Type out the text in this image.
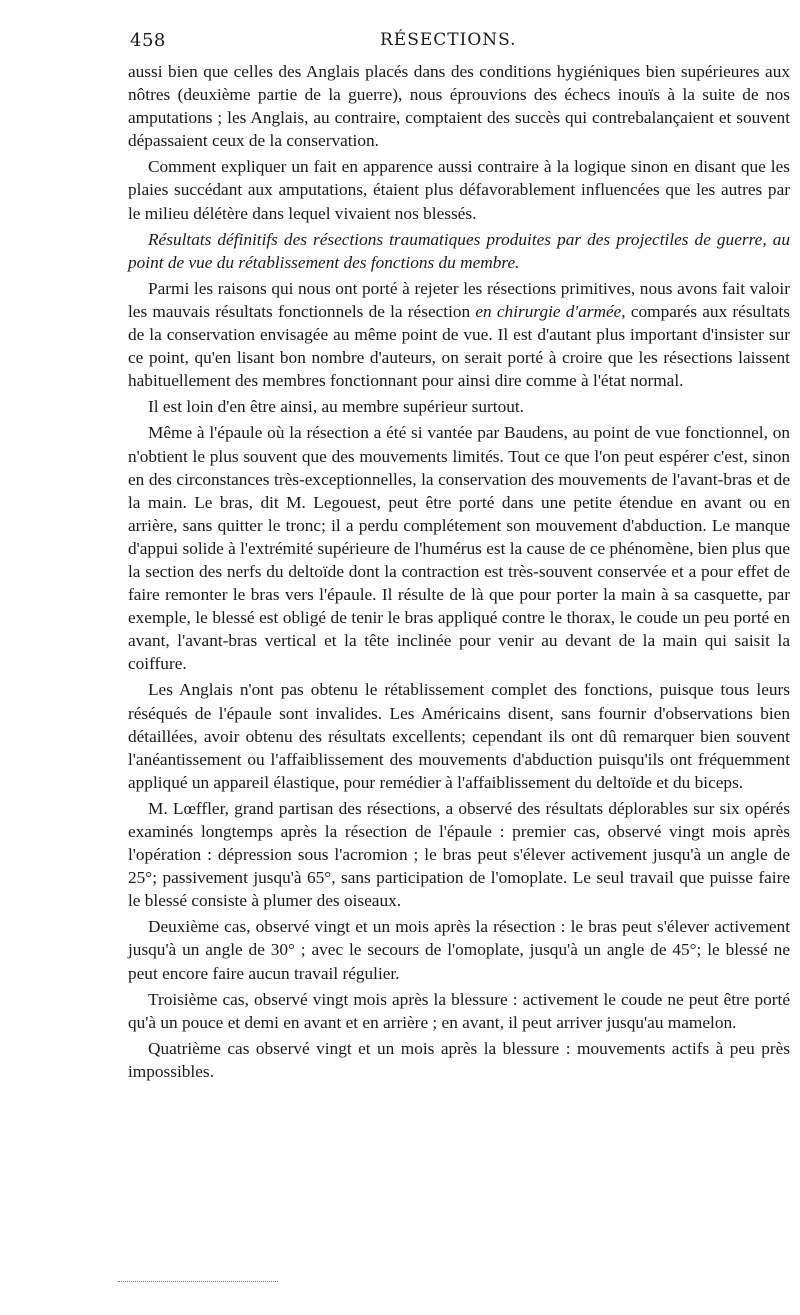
458	RÉSECTIONS.

aussi bien que celles des Anglais placés dans des conditions hygiéniques bien supérieures aux nôtres (deuxième partie de la guerre), nous éprouvions des échecs inouïs à la suite de nos amputations ; les Anglais, au contraire, comptaient des succès qui contrebalançaient et souvent dépassaient ceux de la conservation.

Comment expliquer un fait en apparence aussi contraire à la logique sinon en disant que les plaies succédant aux amputations, étaient plus défavorablement influencées que les autres par le milieu délétère dans lequel vivaient nos blessés.

Résultats définitifs des résections traumatiques produites par des projectiles de guerre, au point de vue du rétablissement des fonctions du membre.

Parmi les raisons qui nous ont porté à rejeter les résections primitives, nous avons fait valoir les mauvais résultats fonctionnels de la résection en chirurgie d'armée, comparés aux résultats de la conservation envisagée au même point de vue. Il est d'autant plus important d'insister sur ce point, qu'en lisant bon nombre d'auteurs, on serait porté à croire que les résections laissent habituellement des membres fonctionnant pour ainsi dire comme à l'état normal.

Il est loin d'en être ainsi, au membre supérieur surtout.

Même à l'épaule où la résection a été si vantée par Baudens, au point de vue fonctionnel, on n'obtient le plus souvent que des mouvements limités. Tout ce que l'on peut espérer c'est, sinon en des circonstances très-exceptionnelles, la conservation des mouvements de l'avant-bras et de la main. Le bras, dit M. Legouest, peut être porté dans une petite étendue en avant ou en arrière, sans quitter le tronc; il a perdu complétement son mouvement d'abduction. Le manque d'appui solide à l'extrémité supérieure de l'humérus est la cause de ce phénomène, bien plus que la section des nerfs du deltoïde dont la contraction est très-souvent conservée et a pour effet de faire remonter le bras vers l'épaule. Il résulte de là que pour porter la main à sa casquette, par exemple, le blessé est obligé de tenir le bras appliqué contre le thorax, le coude un peu porté en avant, l'avant-bras vertical et la tête inclinée pour venir au devant de la main qui saisit la coiffure.

Les Anglais n'ont pas obtenu le rétablissement complet des fonctions, puisque tous leurs réséqués de l'épaule sont invalides. Les Américains disent, sans fournir d'observations bien détaillées, avoir obtenu des résultats excellents; cependant ils ont dû remarquer bien souvent l'anéantissement ou l'affaiblissement des mouvements d'abduction puisqu'ils ont fréquemment appliqué un appareil élastique, pour remédier à l'affaiblissement du deltoïde et du biceps.

M. Lœffler, grand partisan des résections, a observé des résultats déplorables sur six opérés examinés longtemps après la résection de l'épaule : premier cas, observé vingt mois après l'opération : dépression sous l'acromion ; le bras peut s'élever activement jusqu'à un angle de 25°; passivement jusqu'à 65°, sans participation de l'omoplate. Le seul travail que puisse faire le blessé consiste à plumer des oiseaux.

Deuxième cas, observé vingt et un mois après la résection : le bras peut s'élever activement jusqu'à un angle de 30° ; avec le secours de l'omoplate, jusqu'à un angle de 45°; le blessé ne peut encore faire aucun travail régulier.

Troisième cas, observé vingt mois après la blessure : activement le coude ne peut être porté qu'à un pouce et demi en avant et en arrière ; en avant, il peut arriver jusqu'au mamelon.

Quatrième cas observé vingt et un mois après la blessure : mouvements actifs à peu près impossibles.
